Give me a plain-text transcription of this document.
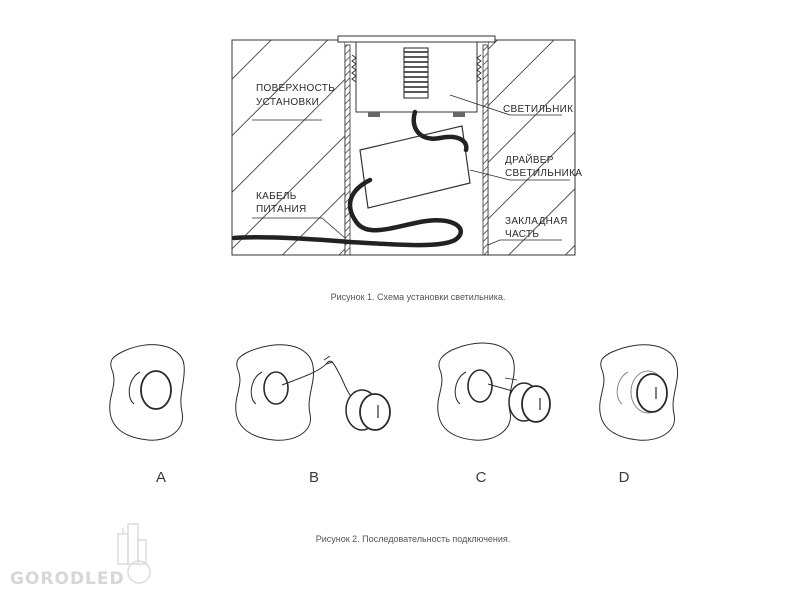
ПОВЕРХНОСТЬ
УСТАНОВКИ
СВЕТИЛЬНИК
ДРАЙВЕР
СВЕТИЛЬНИКА
КАБЕЛЬ
ПИТАНИЯ
ЗАКЛАДНАЯ
ЧАСТЬ
Рисунок 1. Схема установки светильника.
A	B	C	D
Рисунок 2. Последовательность подключения.
GORODLED
